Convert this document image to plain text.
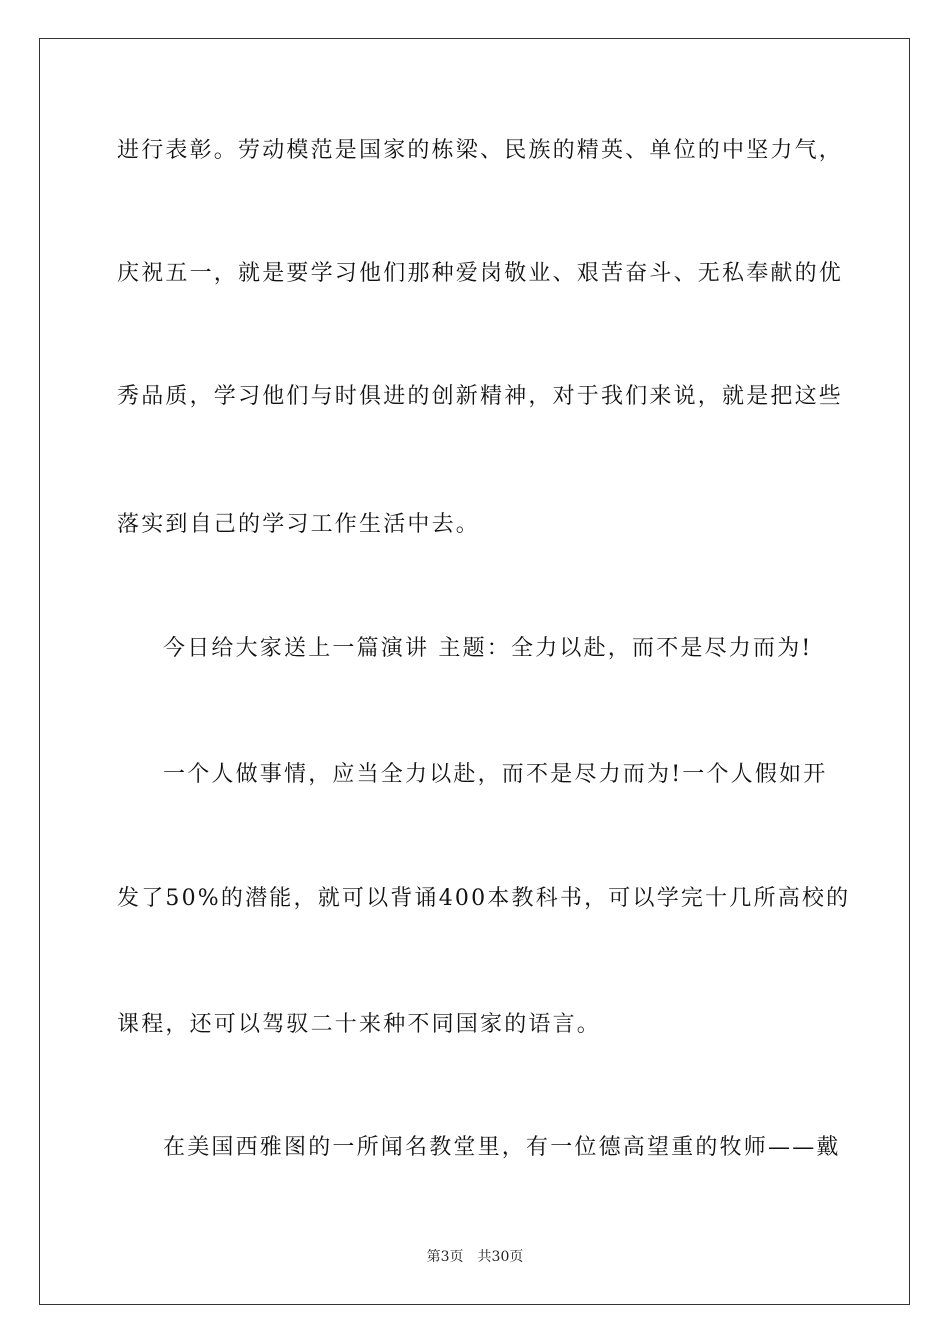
进行表彰。劳动模范是国家的栋梁、民族的精英、单位的中坚力气，
庆祝五一，就是要学习他们那种爱岗敬业、艰苦奋斗、无私奉献的优
秀品质，学习他们与时俱进的创新精神，对于我们来说，就是把这些
落实到自己的学习工作生活中去。
今日给大家送上一篇演讲 主题：全力以赴，而不是尽力而为!
一个人做事情，应当全力以赴，而不是尽力而为!一个人假如开
发了50%的潜能，就可以背诵400本教科书，可以学完十几所高校的
课程，还可以驾驭二十来种不同国家的语言。
在美国西雅图的一所闻名教堂里，有一位德高望重的牧师——戴
第3页 共30页
